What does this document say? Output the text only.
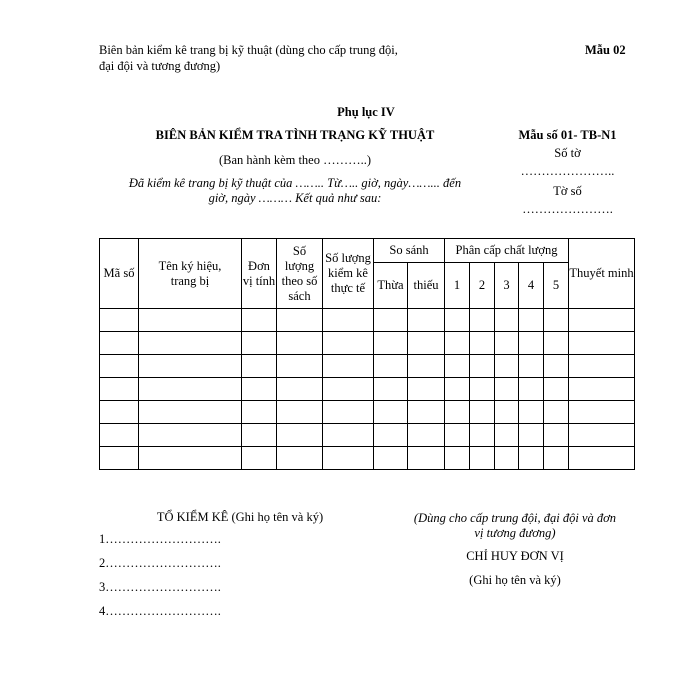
Biên bản kiểm kê trang bị kỹ thuật (dùng cho cấp trung đội,
đại đội và tương đương)
Mẫu 02
Phụ lục IV
BIÊN BẢN KIỂM TRA TÌNH TRẠNG KỸ THUẬT
(Ban hành kèm theo ………..)
Đã kiểm kê trang bị kỹ thuật của …….. Từ….. giờ, ngày……... đến
giờ, ngày ……… Kết quả như sau:
Mẫu số 01- TB-N1
Số tờ
…………………..
Tờ số
………………….
Mã số	Tên ký hiệu, trang bị	Đơn vị tính	Số lượng theo số sách	Số lượng kiểm kê thực tế	So sánh		Phân cấp chất lượng					Thuyết minh
					Thừa	thiếu	1	2	3	4	5	

TỔ KIỂM KÊ (Ghi họ tên và ký)
1……………………….
2……………………….
3……………………….
4……………………….
(Dùng cho cấp trung đội, đại đội và đơn
vị tương đương)
CHỈ HUY ĐƠN VỊ
(Ghi họ tên và ký)
